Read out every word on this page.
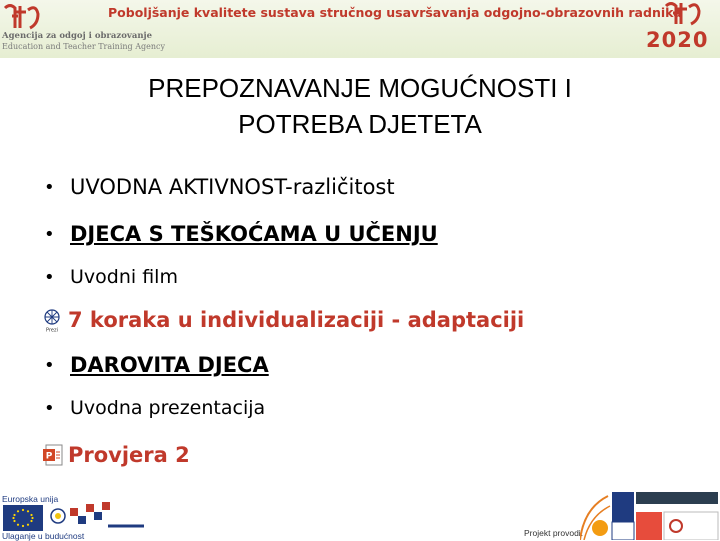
Agencija za odgoj i obrazovanje
Education and Teacher Training Agency
Poboljšanje kvalitete sustava stručnog usavršavanja odgojno-obrazovnih radnika
2020
PREPOZNAVANJE MOGUĆNOSTI I
POTREBA DJETETA
• UVODNA AKTIVNOST-različitost
• DJECA S TEŠKOĆAMA U UČENJU
• Uvodni film
Prezi 7 koraka u individualizaciji - adaptaciji
• DAROVITA DJECA
• Uvodna prezentacija
P Provjera 2
Europska unija
Ulaganje u budućnost	Projekt provodi:
